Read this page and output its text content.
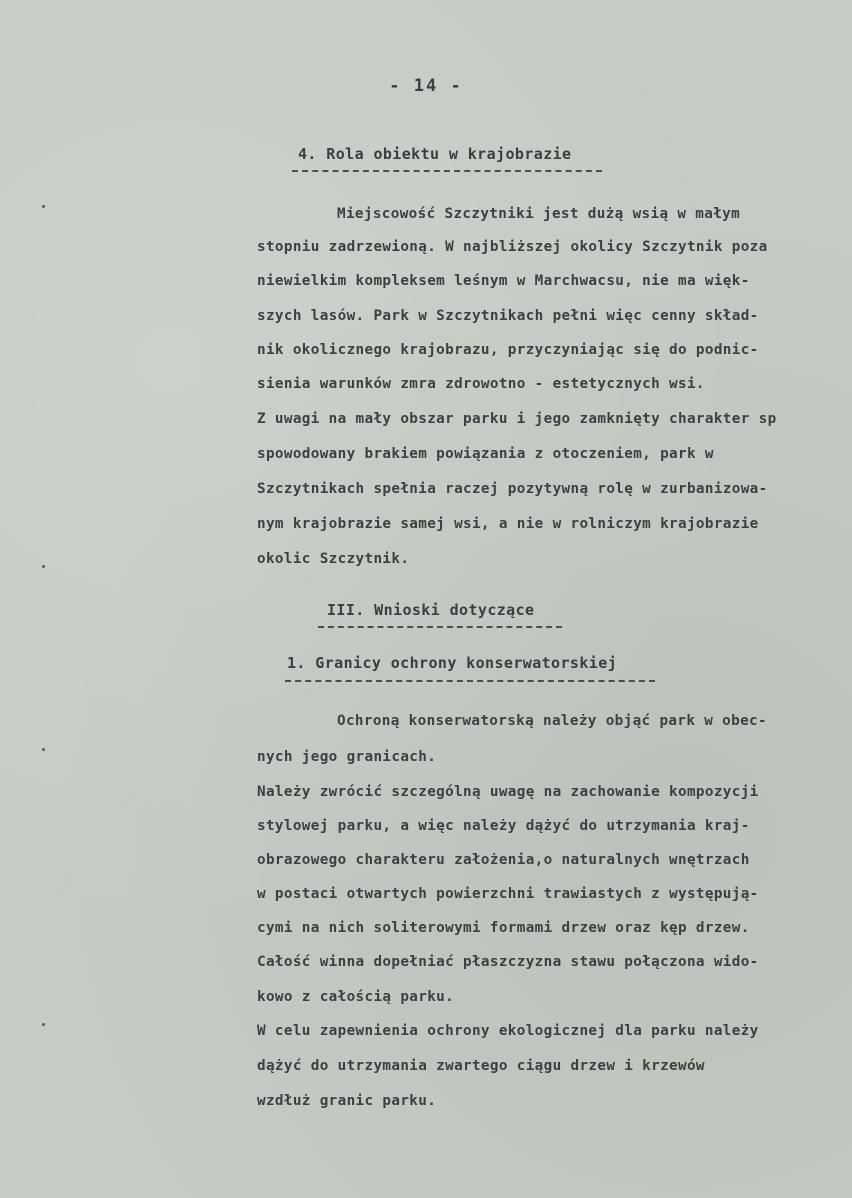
- 14 -
4. Rola obiektu w krajobrazie
Miejscowość Szczytniki jest dużą wsią w małym
stopniu zadrzewioną. W najbliższej okolicy Szczytnik poza
niewielkim kompleksem leśnym w Marchwacsu, nie ma więk-
szych lasów. Park w Szczytnikach pełni więc cenny skład-
nik okolicznego krajobrazu, przyczyniając się do podnic-
sienia warunków zmra zdrowotno - estetycznych wsi.
Z uwagi na mały obszar parku i jego zamknięty charakter sp
spowodowany brakiem powiązania z otoczeniem, park w
Szczytnikach spełnia raczej pozytywną rolę w zurbanizowa-
nym krajobrazie samej wsi, a nie w rolniczym krajobrazie
okolic Szczytnik.
III. Wnioski dotyczące
1. Granicy ochrony konserwatorskiej
Ochroną konserwatorską należy objąć park w obec-
nych jego granicach.
Należy zwrócić szczególną uwagę na zachowanie kompozycji
stylowej parku, a więc należy dążyć do utrzymania kraj-
obrazowego charakteru założenia,o naturalnych wnętrzach
w postaci otwartych powierzchni trawiastych z występują-
cymi na nich soliterowymi formami drzew oraz kęp drzew.
Całość winna dopełniać płaszczyzna stawu połączona wido-
kowo z całością parku.
W celu zapewnienia ochrony ekologicznej dla parku należy
dążyć do utrzymania zwartego ciągu drzew i krzewów
wzdłuż granic parku.
